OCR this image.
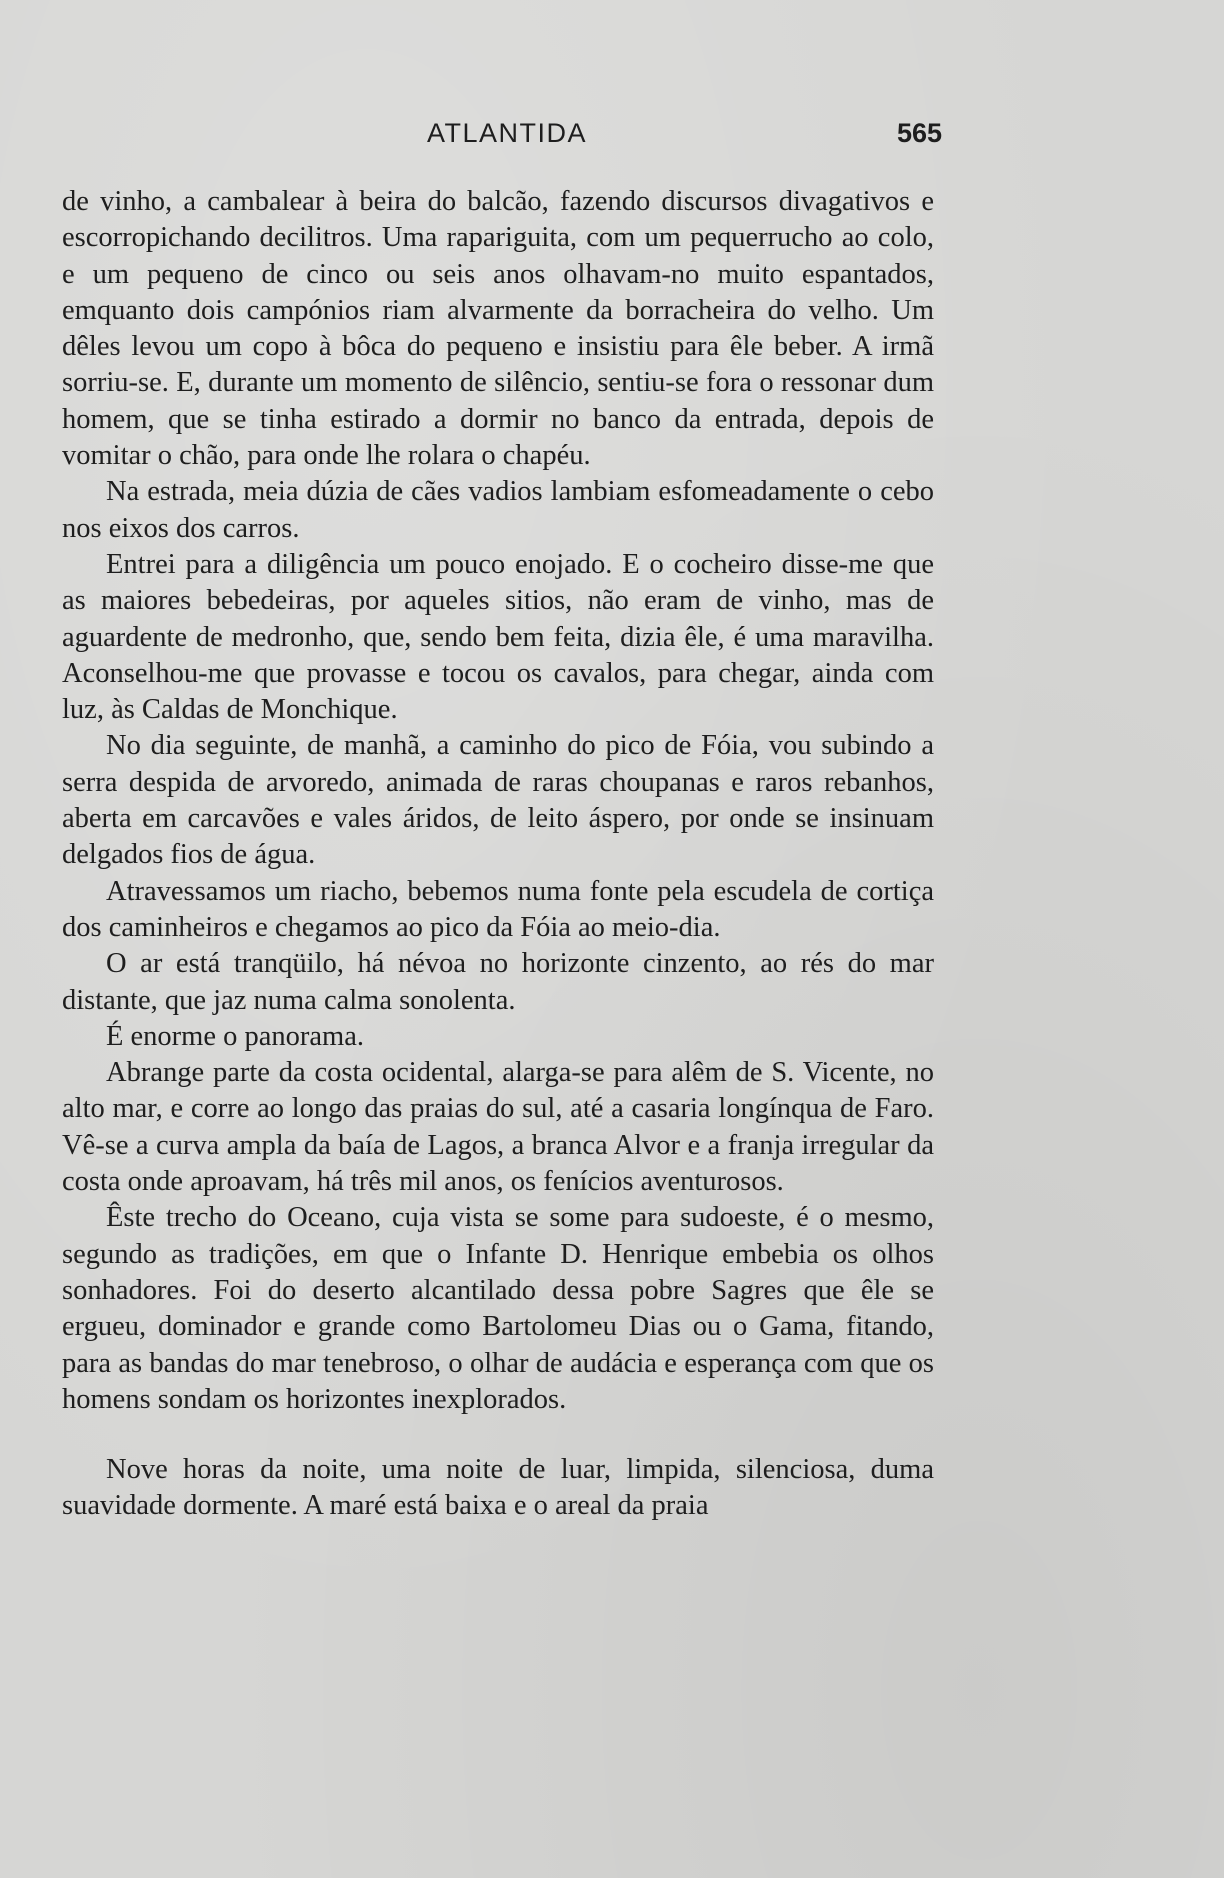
ATLANTIDA	565

de vinho, a cambalear à beira do balcão, fazendo discursos divagativos e escorropichando decilitros. Uma rapariguita, com um pequerrucho ao colo, e um pequeno de cinco ou seis anos olhavam-no muito espantados, emquanto dois campónios riam alvarmente da borracheira do velho. Um dêles levou um copo à bôca do pequeno e insistiu para êle beber. A irmã sorriu-se. E, durante um momento de silêncio, sentiu-se fora o ressonar dum homem, que se tinha estirado a dormir no banco da entrada, depois de vomitar o chão, para onde lhe rolara o chapéu.

Na estrada, meia dúzia de cães vadios lambiam esfomeadamente o cebo nos eixos dos carros.

Entrei para a diligência um pouco enojado. E o cocheiro disse-me que as maiores bebedeiras, por aqueles sitios, não eram de vinho, mas de aguardente de medronho, que, sendo bem feita, dizia êle, é uma maravilha. Aconselhou-me que provasse e tocou os cavalos, para chegar, ainda com luz, às Caldas de Monchique.

No dia seguinte, de manhã, a caminho do pico de Fóia, vou subindo a serra despida de arvoredo, animada de raras choupanas e raros rebanhos, aberta em carcavões e vales áridos, de leito áspero, por onde se insinuam delgados fios de água.

Atravessamos um riacho, bebemos numa fonte pela escudela de cortiça dos caminheiros e chegamos ao pico da Fóia ao meio-dia.

O ar está tranqüilo, há névoa no horizonte cinzento, ao rés do mar distante, que jaz numa calma sonolenta.

É enorme o panorama.

Abrange parte da costa ocidental, alarga-se para alêm de S. Vicente, no alto mar, e corre ao longo das praias do sul, até a casaria longínqua de Faro. Vê-se a curva ampla da baía de Lagos, a branca Alvor e a franja irregular da costa onde aproavam, há três mil anos, os fenícios aventurosos.

Êste trecho do Oceano, cuja vista se some para sudoeste, é o mesmo, segundo as tradições, em que o Infante D. Henrique embebia os olhos sonhadores. Foi do deserto alcantilado dessa pobre Sagres que êle se ergueu, dominador e grande como Bartolomeu Dias ou o Gama, fitando, para as bandas do mar tenebroso, o olhar de audácia e esperança com que os homens sondam os horizontes inexplorados.

Nove horas da noite, uma noite de luar, limpida, silenciosa, duma suavidade dormente. A maré está baixa e o areal da praia
